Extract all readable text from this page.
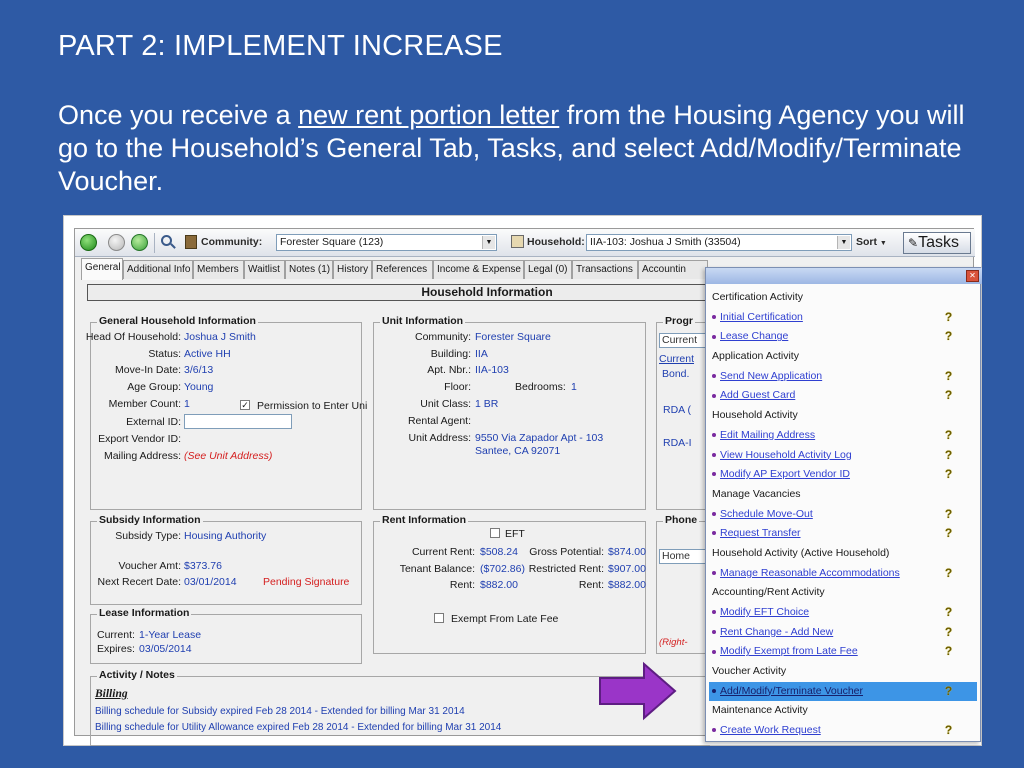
PART 2: IMPLEMENT INCREASE
Once you receive a new rent portion letter from the Housing Agency you will go to the Household’s General Tab, Tasks, and select Add/Modify/Terminate Voucher.
Community:	Forester Square (123)	▼	Household: IIA-103: Joshua J Smith (33504)	▼ Sort ▼	✎Tasks
General Additional Info Members Waitlist Notes (1) History References Income & Expense Legal (0) Transactions Accountin
Household Information
General Household Information
Head Of Household: Joshua J Smith
Status: Active HH
Move-In Date: 3/6/13
Age Group: Young
Member Count: 1	✓ Permission to Enter Uni
External ID:
Export Vendor ID:
Mailing Address: (See Unit Address)
Unit Information
Community: Forester Square
Building: IIA
Apt. Nbr.: IIA-103
Floor:	Bedrooms: 1
Unit Class: 1 BR
Rental Agent:
Unit Address: 9550 Via Zapador Apt - 103
Santee, CA 92071
Progr
Current
Current
Bond.
RDA (
RDA-I
Subsidy Information
Subsidy Type: Housing Authority
Voucher Amt: $373.76
Next Recert Date: 03/01/2014	Pending Signature
Rent Information
EFT
Current Rent: $508.24 Gross Potential: $874.00
Tenant Balance: ($702.86) Restricted Rent: $907.00
Rent: $882.00	Rent: $882.00
Exempt From Late Fee
Phone
Home
(Right-
Lease Information
Current: 1-Year Lease
Expires: 03/05/2014
Activity / Notes
Billing
Billing schedule for Subsidy expired Feb 28 2014 - Extended for billing Mar 31 2014
Billing schedule for Utility Allowance expired Feb 28 2014 - Extended for billing Mar 31 2014
✕
Certification Activity
Initial Certification	?
Lease Change	?
Application Activity
Send New Application	?
Add Guest Card	?
Household Activity
Edit Mailing Address	?
View Household Activity Log	?
Modify AP Export Vendor ID	?
Manage Vacancies
Schedule Move-Out	?
Request Transfer	?
Household Activity (Active Household)
Manage Reasonable Accommodations	?
Accounting/Rent Activity
Modify EFT Choice	?
Rent Change - Add New	?
Modify Exempt from Late Fee	?
Voucher Activity
Add/Modify/Terminate Voucher	?
Maintenance Activity
Create Work Request	?
